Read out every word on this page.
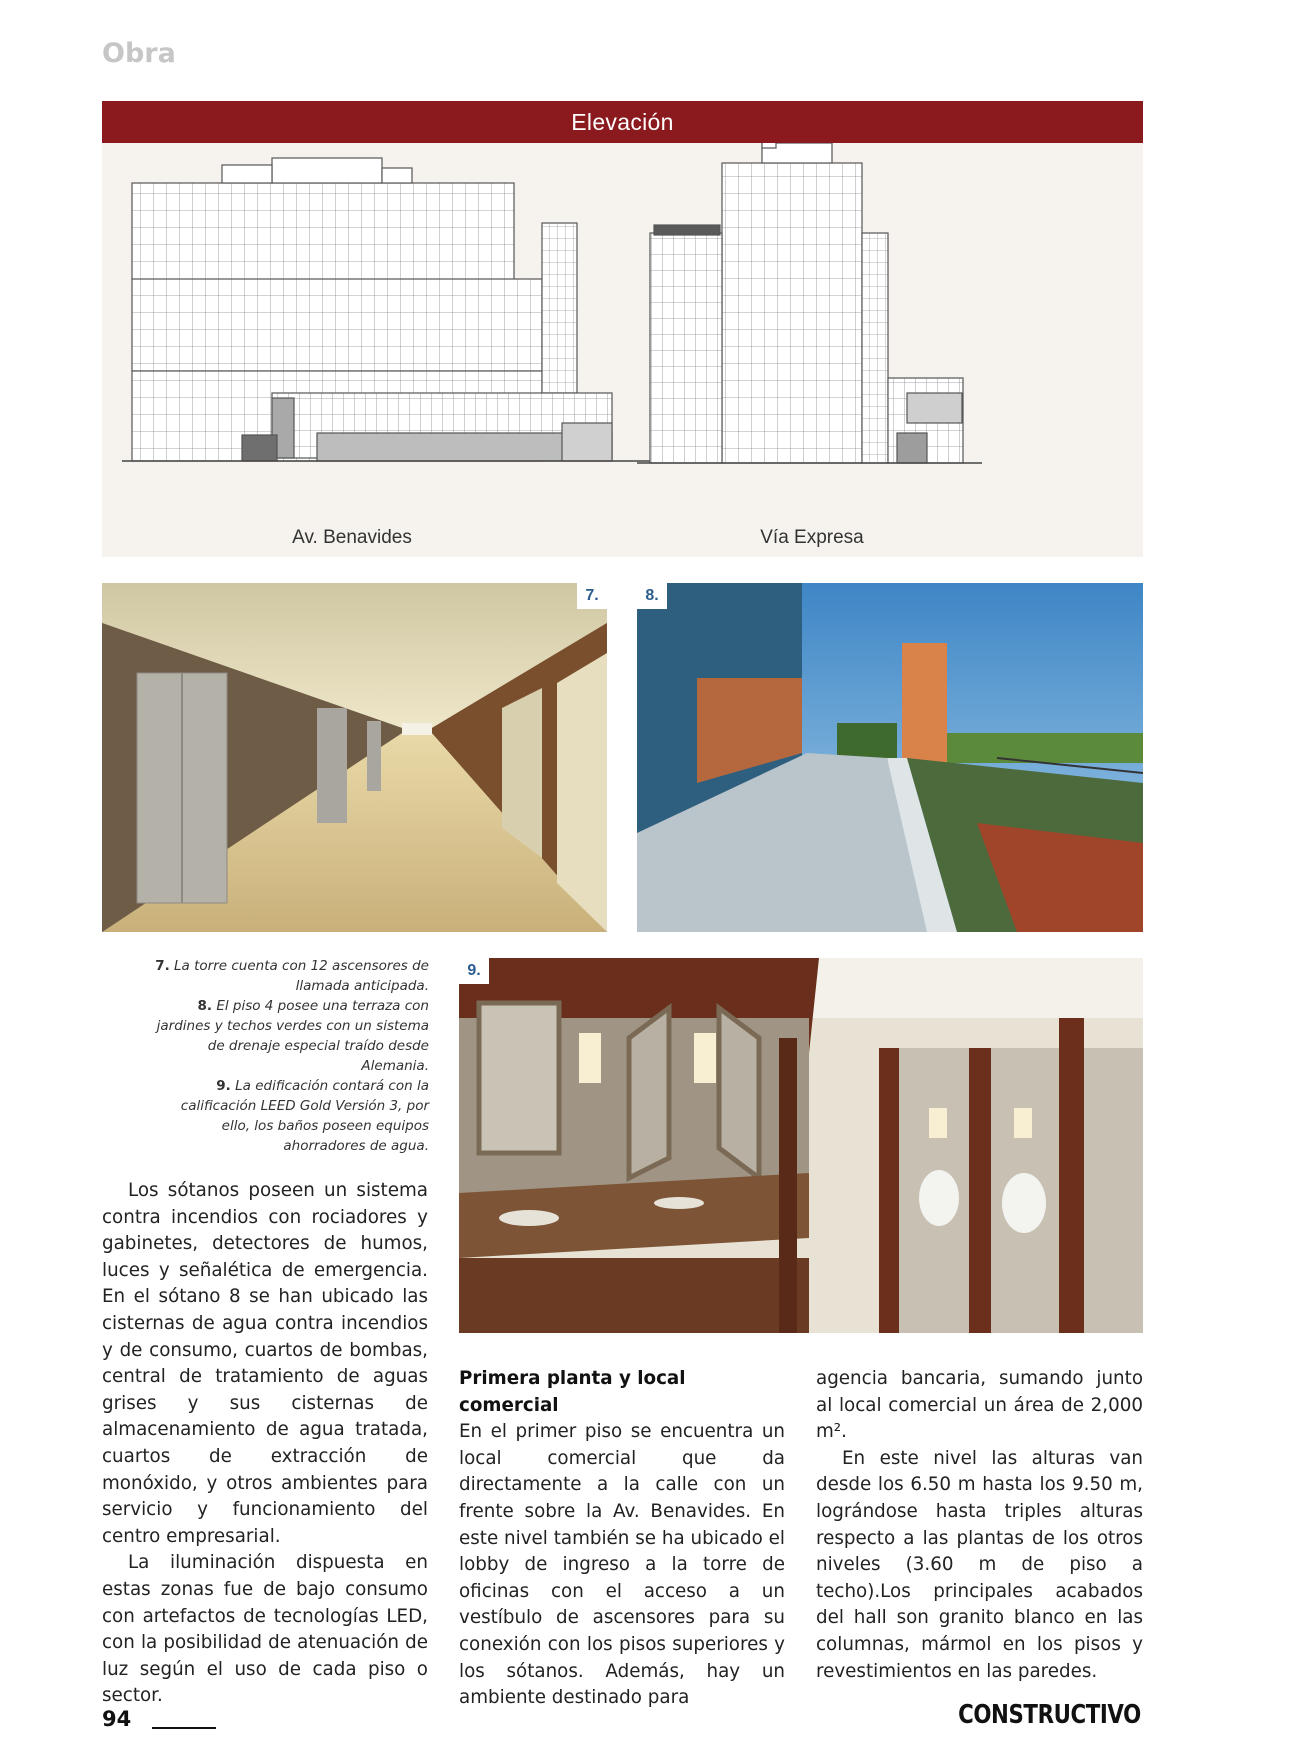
Obra
Elevación
Av. Benavides	Vía Expresa
7.	8.

7. La torre cuenta con 12 ascensores de llamada anticipada.

8. El piso 4 posee una terraza con jardines y techos verdes con un sistema de drenaje especial traído desde Alemania.

9. La edificación contará con la calificación LEED Gold Versión 3, por ello, los baños poseen equipos ahorradores de agua.

9.

Los sótanos poseen un sistema contra incendios con rociadores y gabinetes, detectores de humos, luces y señalética de emergencia. En el sótano 8 se han ubicado las cisternas de agua contra incendios y de consumo, cuartos de bombas, central de tratamiento de aguas grises y sus cisternas de almacenamiento de agua tratada, cuartos de extracción de monóxido, y otros ambientes para servicio y funcionamiento del centro empresarial.

La iluminación dispuesta en estas zonas fue de bajo consumo con artefactos de tecnologías LED, con la posibilidad de atenuación de luz según el uso de cada piso o sector.

Primera planta y local comercial

En el primer piso se encuentra un local comercial que da directamente a la calle con un frente sobre la Av. Benavides. En este nivel también se ha ubicado el lobby de ingreso a la torre de oficinas con el acceso a un vestíbulo de ascensores para su conexión con los pisos superiores y los sótanos. Además, hay un ambiente destinado para

agencia bancaria, sumando junto al local comercial un área de 2,000 m².

En este nivel las alturas van desde los 6.50 m hasta los 9.50 m, lográndose hasta triples alturas respecto a las plantas de los otros niveles (3.60 m de piso a techo).Los principales acabados del hall son granito blanco en las columnas, mármol en los pisos y revestimientos en las paredes.

94	CONSTRUCTIVO
